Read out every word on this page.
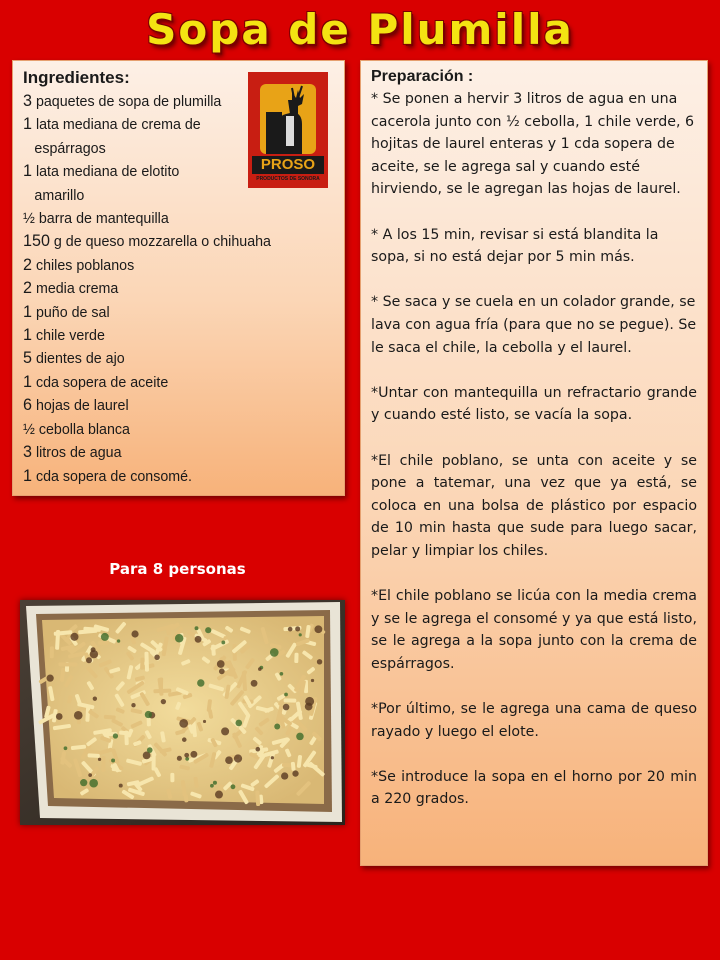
Sopa de Plumilla
Ingredientes:
3 paquetes de sopa de plumilla
1 lata mediana de crema de
espárragos
1 lata mediana de elotito
amarillo
½ barra de mantequilla
150 g de queso mozzarella o chihuaha
2 chiles poblanos
2 media crema
1 puño de sal
1 chile verde
5 dientes de ajo
1 cda sopera de aceite
6 hojas de laurel
½ cebolla blanca
3 litros de agua
1 cda sopera de consomé.
PROSO
PRODUCTOS DE SONORA
Para 8 personas
Preparación :

* Se ponen a hervir 3 litros de agua en una cacerola junto con ½ cebolla, 1 chile verde, 6 hojitas de laurel enteras y 1 cda sopera de aceite, se le agrega sal y cuando esté hirviendo, se le agregan las hojas de laurel.

* A los 15 min, revisar si está blandita la sopa, si no está dejar por 5 min más.

* Se saca y se cuela en un colador grande, se lava con agua fría (para que no se pegue). Se le saca el chile, la cebolla y el laurel.

*Untar con mantequilla un refractario grande y cuando esté listo, se vacía la sopa.

*El chile poblano, se unta con aceite y se pone a tatemar, una vez que ya está, se coloca en una bolsa de plástico por espacio de 10 min hasta que sude para luego sacar, pelar y limpiar los chiles.

*El chile poblano se licúa con la media crema y se le agrega el consomé y ya que está listo, se le agrega a la sopa junto con la crema de espárragos.

*Por último, se le agrega una cama de queso rayado y luego el elote.

*Se introduce la sopa en el horno por 20 min a 220 grados.
